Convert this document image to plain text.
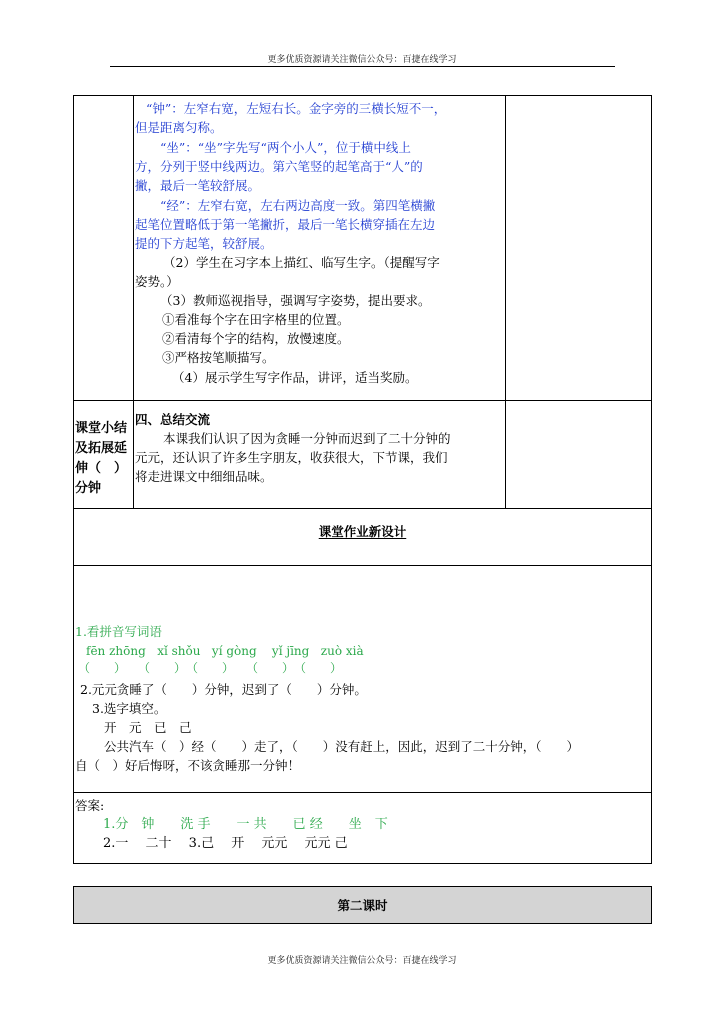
更多优质资源请关注微信公众号：百捷在线学习
“钟”：左窄右宽，左短右长。金字旁的三横长短不一，
但是距离匀称。
“坐”：“坐”字先写“两个小人”，位于横中线上
方，分列于竖中线两边。第六笔竖的起笔高于“人”的
撇，最后一笔较舒展。
“经”：左窄右宽，左右两边高度一致。第四笔横撇
起笔位置略低于第一笔撇折，最后一笔长横穿插在左边
提的下方起笔，较舒展。
（2）学生在习字本上描红、临写生字。（提醒写字
姿势。）
（3）教师巡视指导，强调写字姿势，提出要求。
①看准每个字在田字格里的位置。
②看清每个字的结构，放慢速度。
③严格按笔顺描写。
（4）展示学生写字作品，讲评，适当奖励。
课堂小结
及拓展延
伸（　）
分钟
四、总结交流
本课我们认识了因为贪睡一分钟而迟到了二十分钟的
元元，还认识了许多生字朋友，收获很大，下节课，我们
将走进课文中细细品味。
课堂作业新设计
1.看拼音写词语
fēn zhōng   xǐ shǒu   yí gòng    yǐ jīng   zuò xià
（　　）　　（　　）　（　　）　　（　　）　（　　）
2.元元贪睡了（　　）分钟，迟到了（　　）分钟。
3.选字填空。
开　元　已　己
公共汽车（　）经（　　）走了，（　　）没有赶上，因此，迟到了二十分钟，（　　）
自（　）好后悔呀，不该贪睡那一分钟！
答案:
1.分　钟　　洗 手　　一 共　　已 经　　坐　下
2.一　 二十　 3.己　 开　 元元　 元元 己
第二课时
更多优质资源请关注微信公众号：百捷在线学习
